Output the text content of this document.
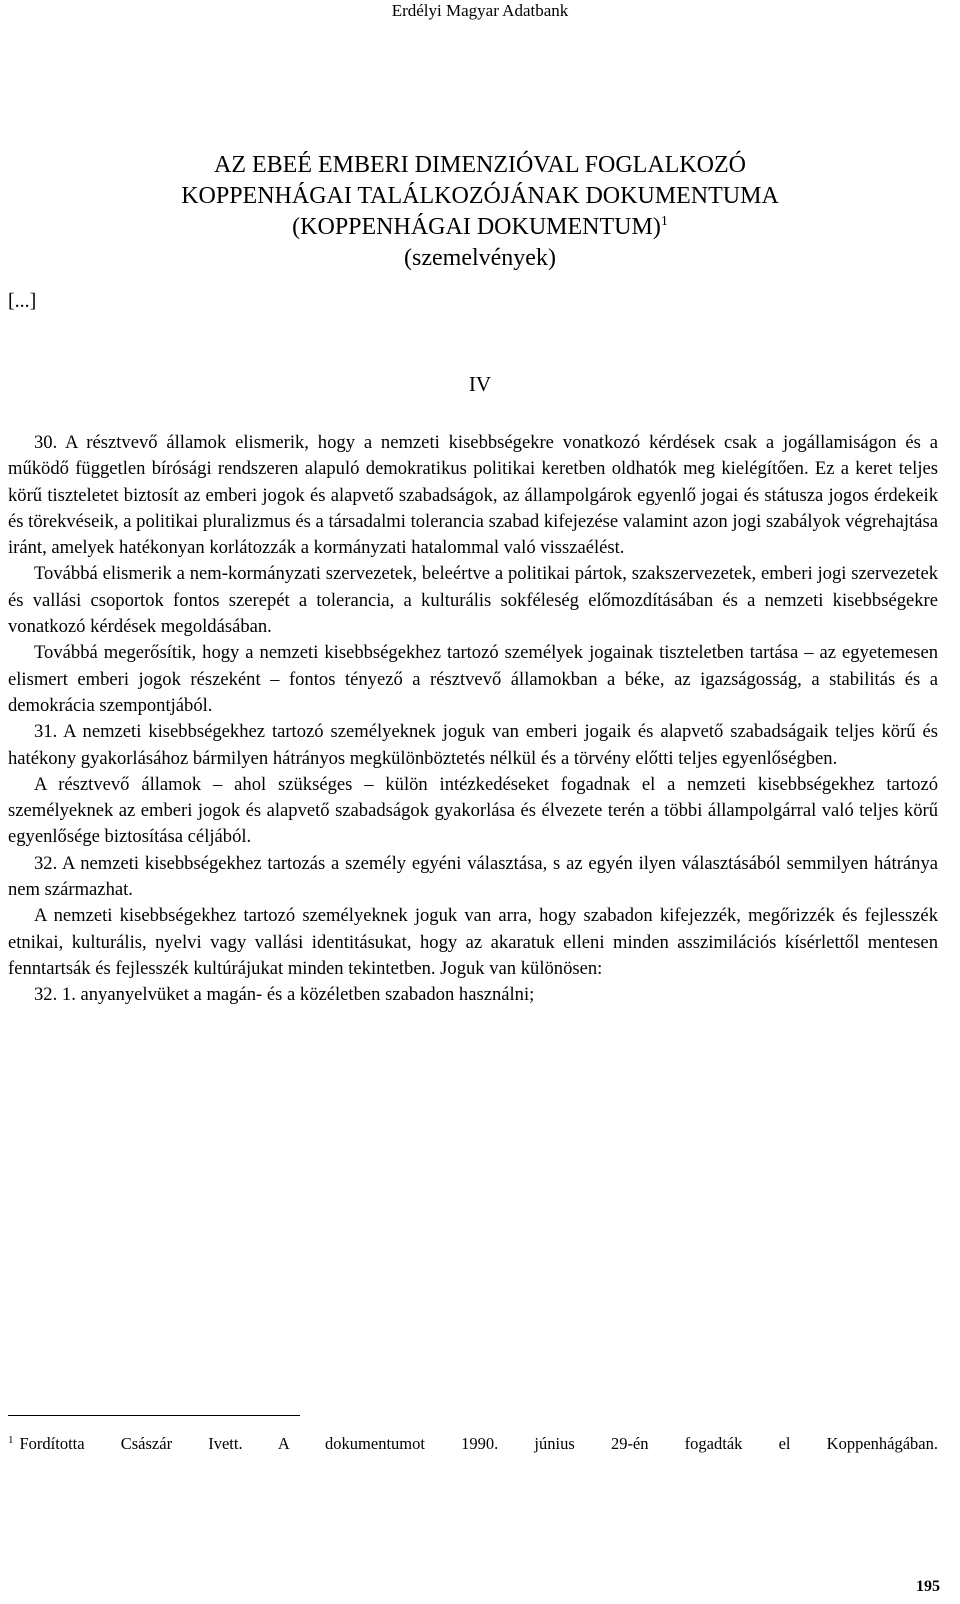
Erdélyi Magyar Adatbank
AZ EBEÉ EMBERI DIMENZIÓVAL FOGLALKOZÓ
KOPPENHÁGAI TALÁLKOZÓJÁNAK DOKUMENTUMA
(KOPPENHÁGAI DOKUMENTUM)$^1$
(szemelvények)
[...]
IV

30. A résztvevő államok elismerik, hogy a nemzeti kisebbségekre vonatkozó kérdések csak a jogállamiságon és a működő független bírósági rendszeren alapuló demokratikus politikai keretben oldhatók meg kielégítően. Ez a keret teljes körű tiszteletet biztosít az emberi jogok és alapvető szabadságok, az állampolgárok egyenlő jogai és státusza jogos érdekeik és törekvéseik, a politikai pluralizmus és a társadalmi tolerancia szabad kifejezése valamint azon jogi szabályok végrehajtása iránt, amelyek hatékonyan korlátozzák a kormányzati hatalommal való visszaélést.

Továbbá elismerik a nem-kormányzati szervezetek, beleértve a politikai pártok, szakszervezetek, emberi jogi szervezetek és vallási csoportok fontos szerepét a tolerancia, a kulturális sokféleség előmozdításában és a nemzeti kisebbségekre vonatkozó kérdések megoldásában.

Továbbá megerősítik, hogy a nemzeti kisebbségekhez tartozó személyek jogainak tiszteletben tartása – az egyetemesen elismert emberi jogok részeként – fontos tényező a résztvevő államokban a béke, az igazságosság, a stabilitás és a demokrácia szempontjából.

31. A nemzeti kisebbségekhez tartozó személyeknek joguk van emberi jogaik és alapvető szabadságaik teljes körű és hatékony gyakorlásához bármilyen hátrányos megkülönböztetés nélkül és a törvény előtti teljes egyenlőségben.

A résztvevő államok – ahol szükséges – külön intézkedéseket fogadnak el a nemzeti kisebbségekhez tartozó személyeknek az emberi jogok és alapvető szabadságok gyakorlása és élvezete terén a többi állampolgárral való teljes körű egyenlősége biztosítása céljából.

32. A nemzeti kisebbségekhez tartozás a személy egyéni választása, s az egyén ilyen választásából semmilyen hátránya nem származhat.

A nemzeti kisebbségekhez tartozó személyeknek joguk van arra, hogy szabadon kifejezzék, megőrizzék és fejlesszék etnikai, kulturális, nyelvi vagy vallási identitásukat, hogy az akaratuk elleni minden asszimilációs kísérlettől mentesen fenntartsák és fejlesszék kultúrájukat minden tekintetben. Joguk van különösen:

32. 1. anyanyelvüket a magán- és a közéletben szabadon használni;

$^1$ Fordította Császár Ivett. A dokumentumot 1990. június 29-én fogadták el Koppenhágában.
195
